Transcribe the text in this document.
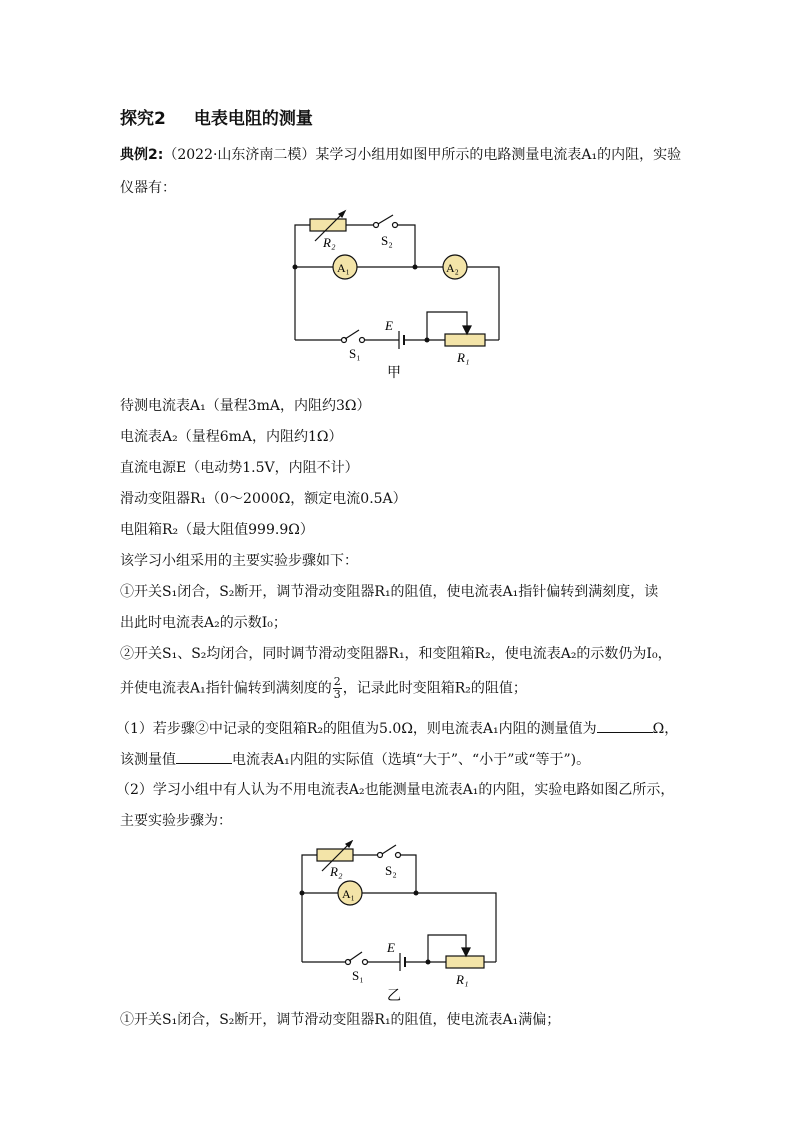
探究2 电表电阻的测量
典例2:（2022·山东济南二模）某学习小组用如图甲所示的电路测量电流表A₁的内阻，实验
仪器有：
R₂	S₂
A₁	A₂
S₁
E
R₁
甲
待测电流表A₁（量程3mA，内阻约3Ω）
电流表A₂（量程6mA，内阻约1Ω）
直流电源E（电动势1.5V，内阻不计）
滑动变阻器R₁（0～2000Ω，额定电流0.5A）
电阻箱R₂（最大阻值999.9Ω）
该学习小组采用的主要实验步骤如下：
①开关S₁闭合，S₂断开，调节滑动变阻器R₁的阻值，使电流表A₁指针偏转到满刻度，读
出此时电流表A₂的示数I₀；
②开关S₁、S₂均闭合，同时调节滑动变阻器R₁，和变阻箱R₂，使电流表A₂的示数仍为I₀，
并使电流表A₁指针偏转到满刻度的 $\frac{2}{3}$ ，记录此时变阻箱R₂的阻值；
（1）若步骤②中记录的变阻箱R₂的阻值为5.0Ω，则电流表A₁内阻的测量值为	Ω，
该测量值	电流表A₁内阻的实际值（选填“大于”、“小于”或“等于”)。
（2）学习小组中有人认为不用电流表A₂也能测量电流表A₁的内阻，实验电路如图乙所示，
主要实验步骤为：
R₂	S₂
A₁
S₁
E
R₁
乙
①开关S₁闭合，S₂断开，调节滑动变阻器R₁的阻值，使电流表A₁满偏；
